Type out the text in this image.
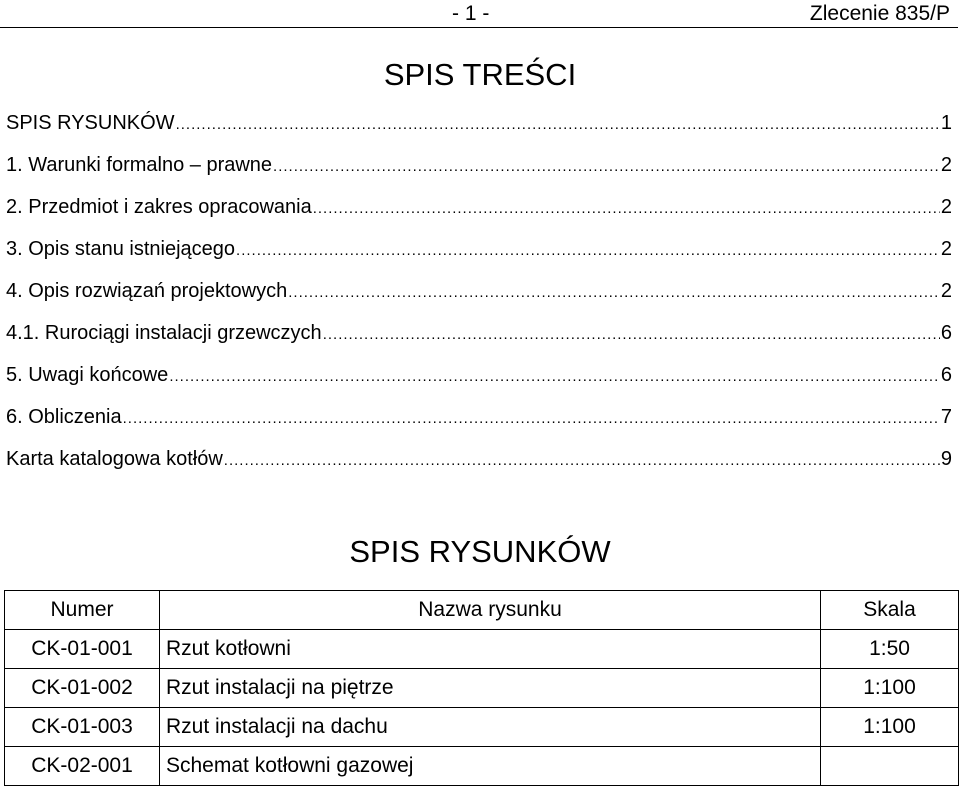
- 1 -	Zlecenie 835/P
SPIS TREŚCI
SPIS RYSUNKÓW .....	1
1. Warunki formalno – prawne .....	2
2. Przedmiot i zakres opracowania .....	2
3. Opis stanu istniejącego .....	2
4. Opis rozwiązań projektowych .....	2
4.1. Rurociągi instalacji grzewczych .....	6
5. Uwagi końcowe .....	6
6. Obliczenia .....	7
Karta katalogowa kotłów .....	9
SPIS RYSUNKÓW
Numer	Nazwa rysunku	Skala
CK-01-001	Rzut kotłowni	1:50
CK-01-002	Rzut instalacji na piętrze	1:100
CK-01-003	Rzut instalacji na dachu	1:100
CK-02-001	Schemat kotłowni gazowej	
